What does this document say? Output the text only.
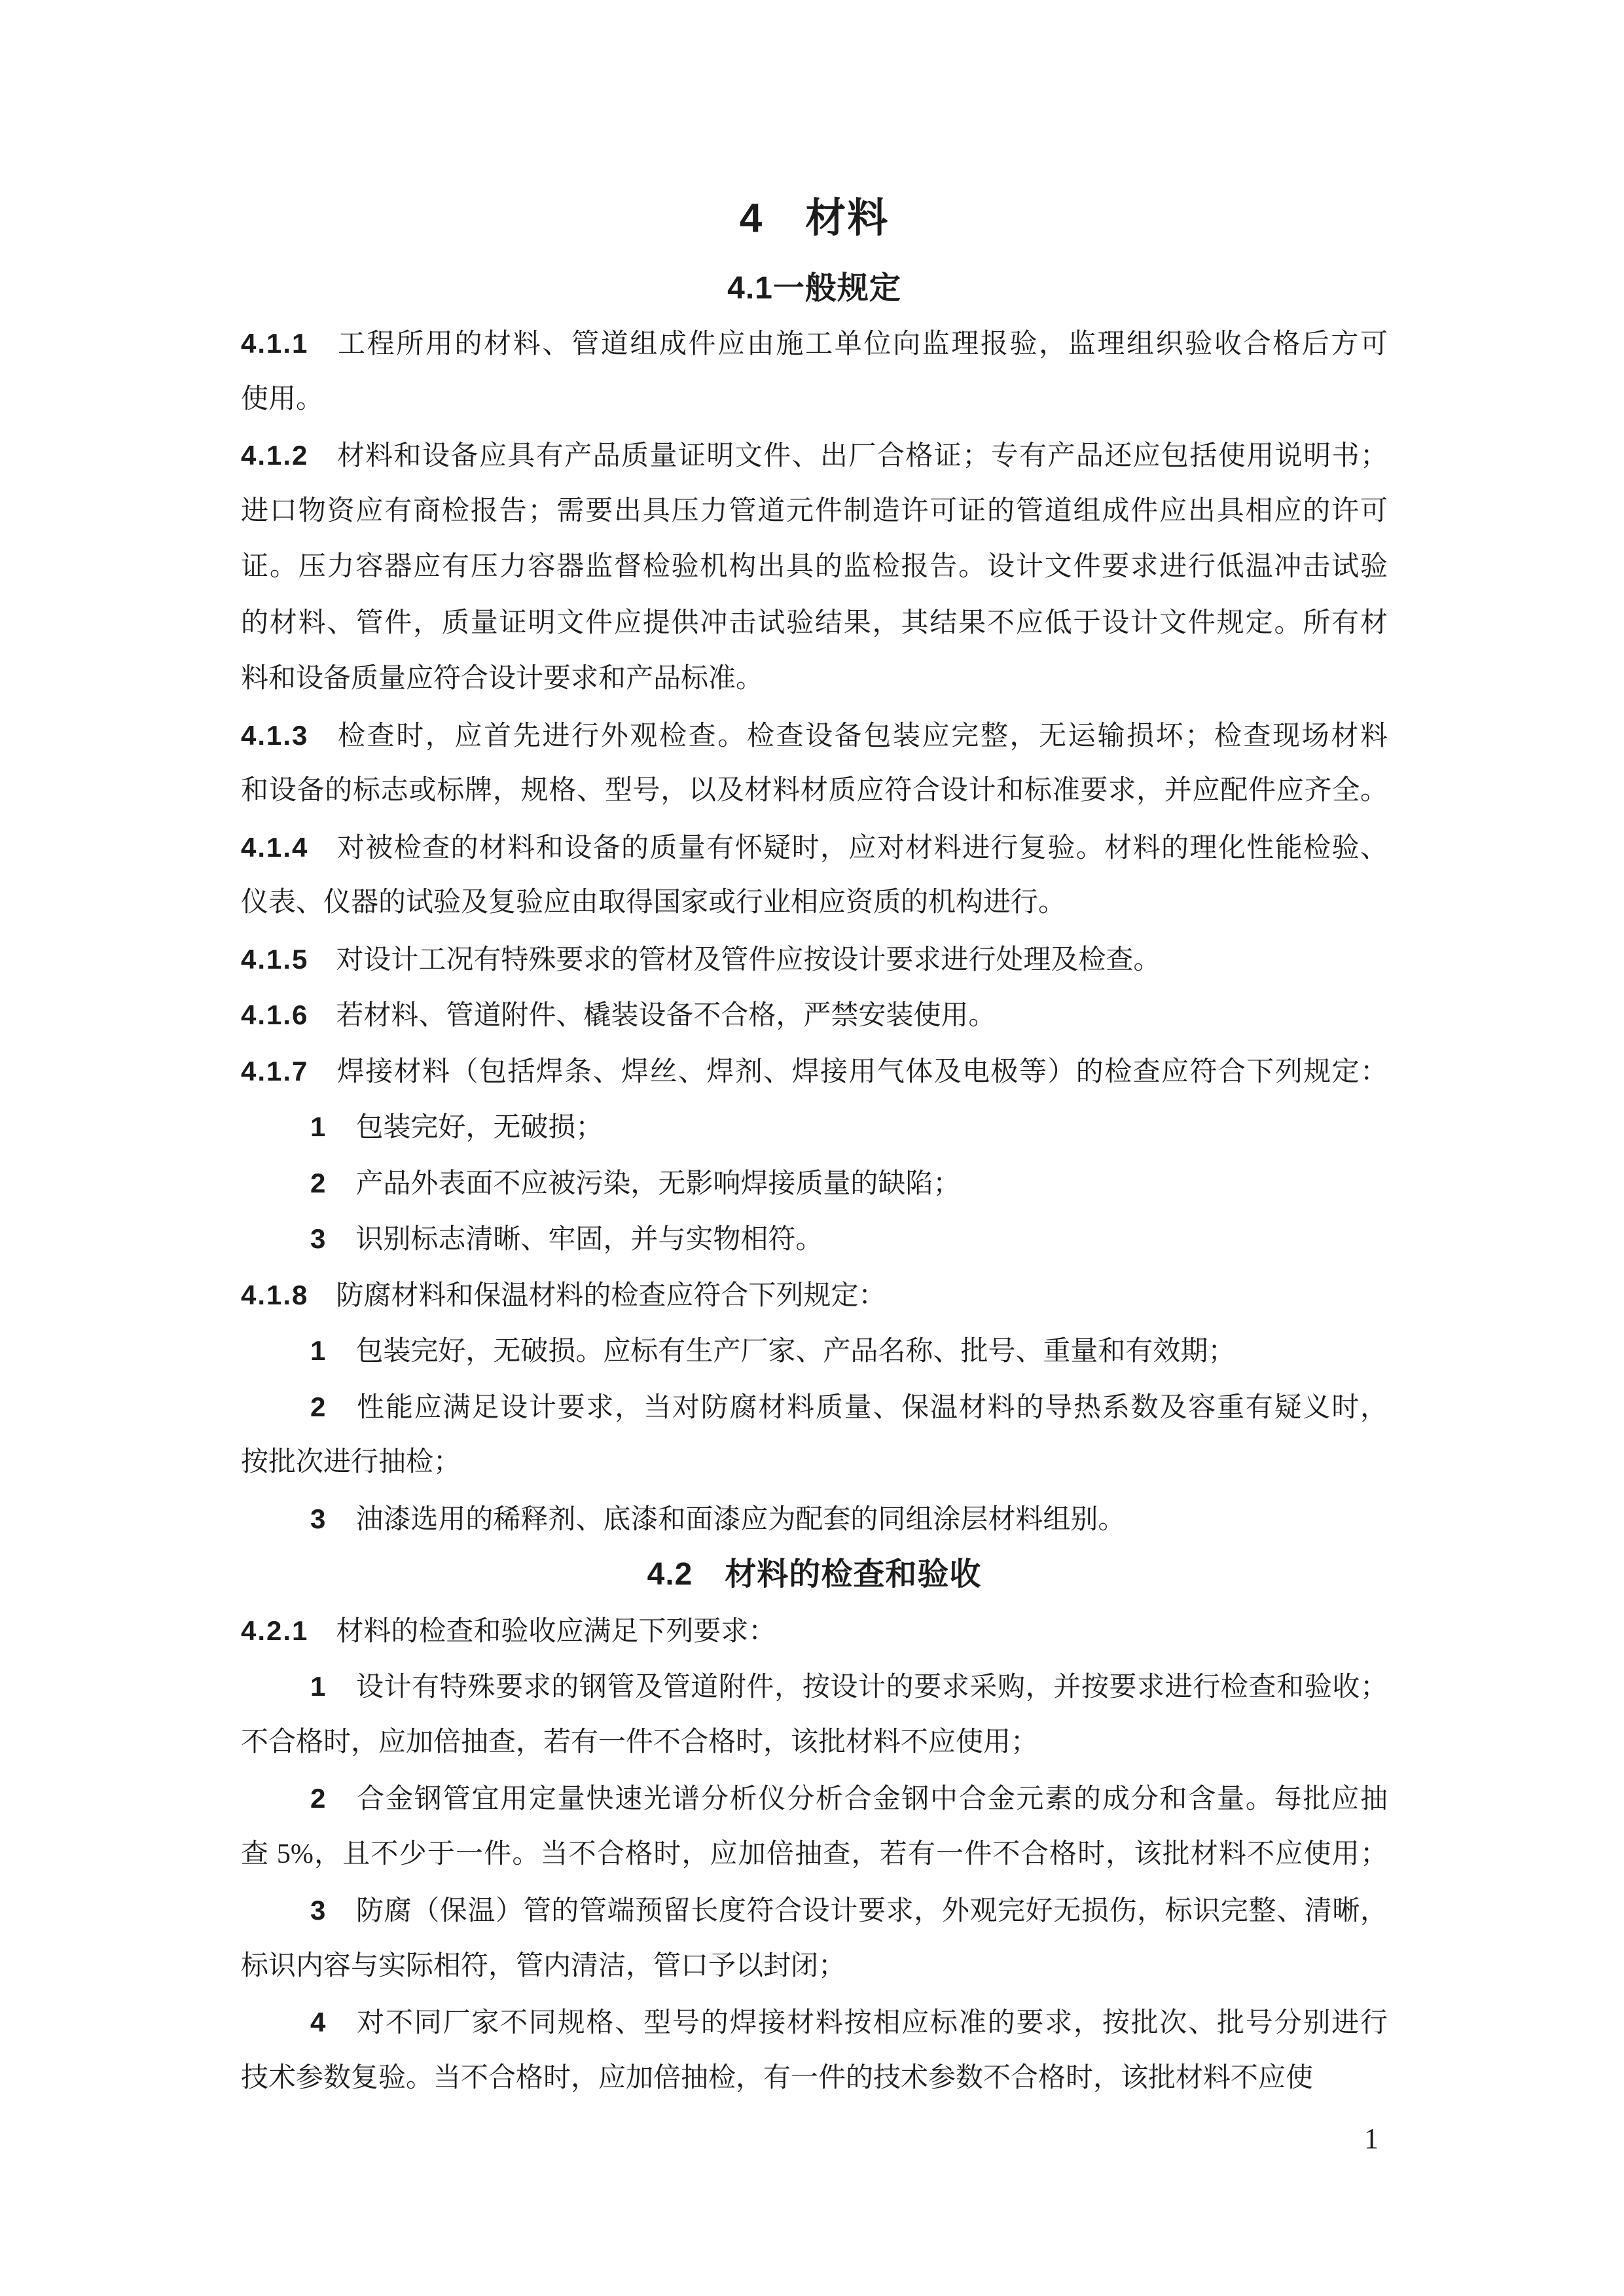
4　材料
4.1一般规定
4.1.1 工程所用的材料、管道组成件应由施工单位向监理报验，监理组织验收合格后方可
使用。
4.1.2 材料和设备应具有产品质量证明文件、出厂合格证；专有产品还应包括使用说明书；
进口物资应有商检报告；需要出具压力管道元件制造许可证的管道组成件应出具相应的许可
证。压力容器应有压力容器监督检验机构出具的监检报告。设计文件要求进行低温冲击试验
的材料、管件，质量证明文件应提供冲击试验结果，其结果不应低于设计文件规定。所有材
料和设备质量应符合设计要求和产品标准。
4.1.3 检查时，应首先进行外观检查。检查设备包装应完整，无运输损坏；检查现场材料
和设备的标志或标牌，规格、型号，以及材料材质应符合设计和标准要求，并应配件应齐全。
4.1.4 对被检查的材料和设备的质量有怀疑时，应对材料进行复验。材料的理化性能检验、
仪表、仪器的试验及复验应由取得国家或行业相应资质的机构进行。
4.1.5 对设计工况有特殊要求的管材及管件应按设计要求进行处理及检查。
4.1.6 若材料、管道附件、橇装设备不合格，严禁安装使用。
4.1.7 焊接材料（包括焊条、焊丝、焊剂、焊接用气体及电极等）的检查应符合下列规定：
1 包装完好，无破损；
2 产品外表面不应被污染，无影响焊接质量的缺陷；
3 识别标志清晰、牢固，并与实物相符。
4.1.8 防腐材料和保温材料的检查应符合下列规定：
1 包装完好，无破损。应标有生产厂家、产品名称、批号、重量和有效期；
2 性能应满足设计要求，当对防腐材料质量、保温材料的导热系数及容重有疑义时，
按批次进行抽检；
3 油漆选用的稀释剂、底漆和面漆应为配套的同组涂层材料组别。
4.2　材料的检查和验收
4.2.1 材料的检查和验收应满足下列要求：
1 设计有特殊要求的钢管及管道附件，按设计的要求采购，并按要求进行检查和验收；
不合格时，应加倍抽查，若有一件不合格时，该批材料不应使用；
2 合金钢管宜用定量快速光谱分析仪分析合金钢中合金元素的成分和含量。每批应抽
查 5%，且不少于一件。当不合格时，应加倍抽查，若有一件不合格时，该批材料不应使用；
3 防腐（保温）管的管端预留长度符合设计要求，外观完好无损伤，标识完整、清晰，
标识内容与实际相符，管内清洁，管口予以封闭；
4 对不同厂家不同规格、型号的焊接材料按相应标准的要求，按批次、批号分别进行
技术参数复验。当不合格时，应加倍抽检，有一件的技术参数不合格时，该批材料不应使
1
